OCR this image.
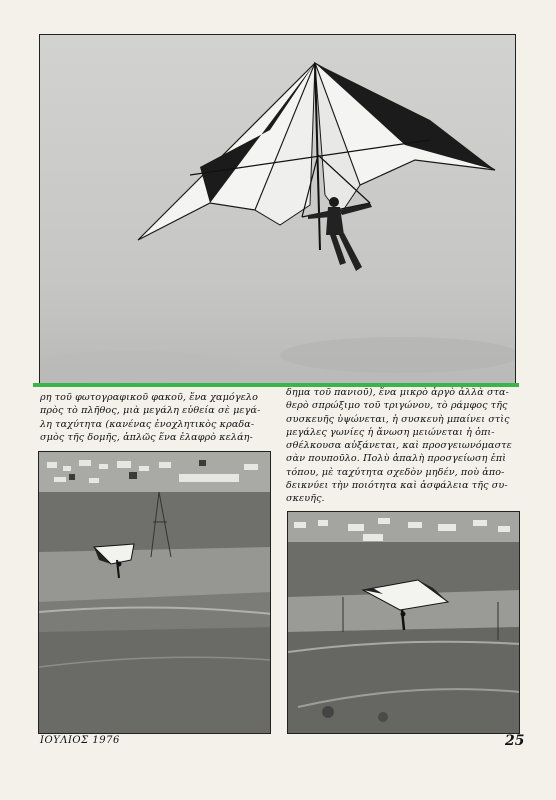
ρη τοῦ φωτογραφικοῦ φακοῦ, ἕνα χαμόγελο
πρὸς τὸ πλῆθος, μιὰ μεγάλη εὐθεία σὲ μεγά-
λη ταχύτητα (κανένας ἐνοχλητικὸς κραδα-
σμὸς τῆς δομῆς, ἁπλῶς ἕνα ἐλαφρὸ κελάη-
δημα τοῦ πανιοῦ), ἕνα μικρὸ ἀργὸ ἀλλὰ στα-
θερὸ σπρώξιμο τοῦ τριγώνου, τὸ ράμφος τῆς
συσκευῆς ὑψώνεται, ἡ συσκευὴ μπαίνει στὶς
μεγάλες γωνίες ἡ ἄνωση μειώνεται ἡ ὀπι-
σθέλκουσα αὐξάνεται, καὶ προσγειωνόμαστε
σὰν πουποῦλο. Πολὺ ἁπαλὴ προσγείωση ἐπὶ
τόπου, μὲ ταχύτητα σχεδὸν μηδέν, ποὺ ἀπο-
δεικνύει τὴν ποιότητα καὶ ἀσφάλεια τῆς συ-
σκευῆς.
ΙΟΥΛΙΟΣ 1976	25
